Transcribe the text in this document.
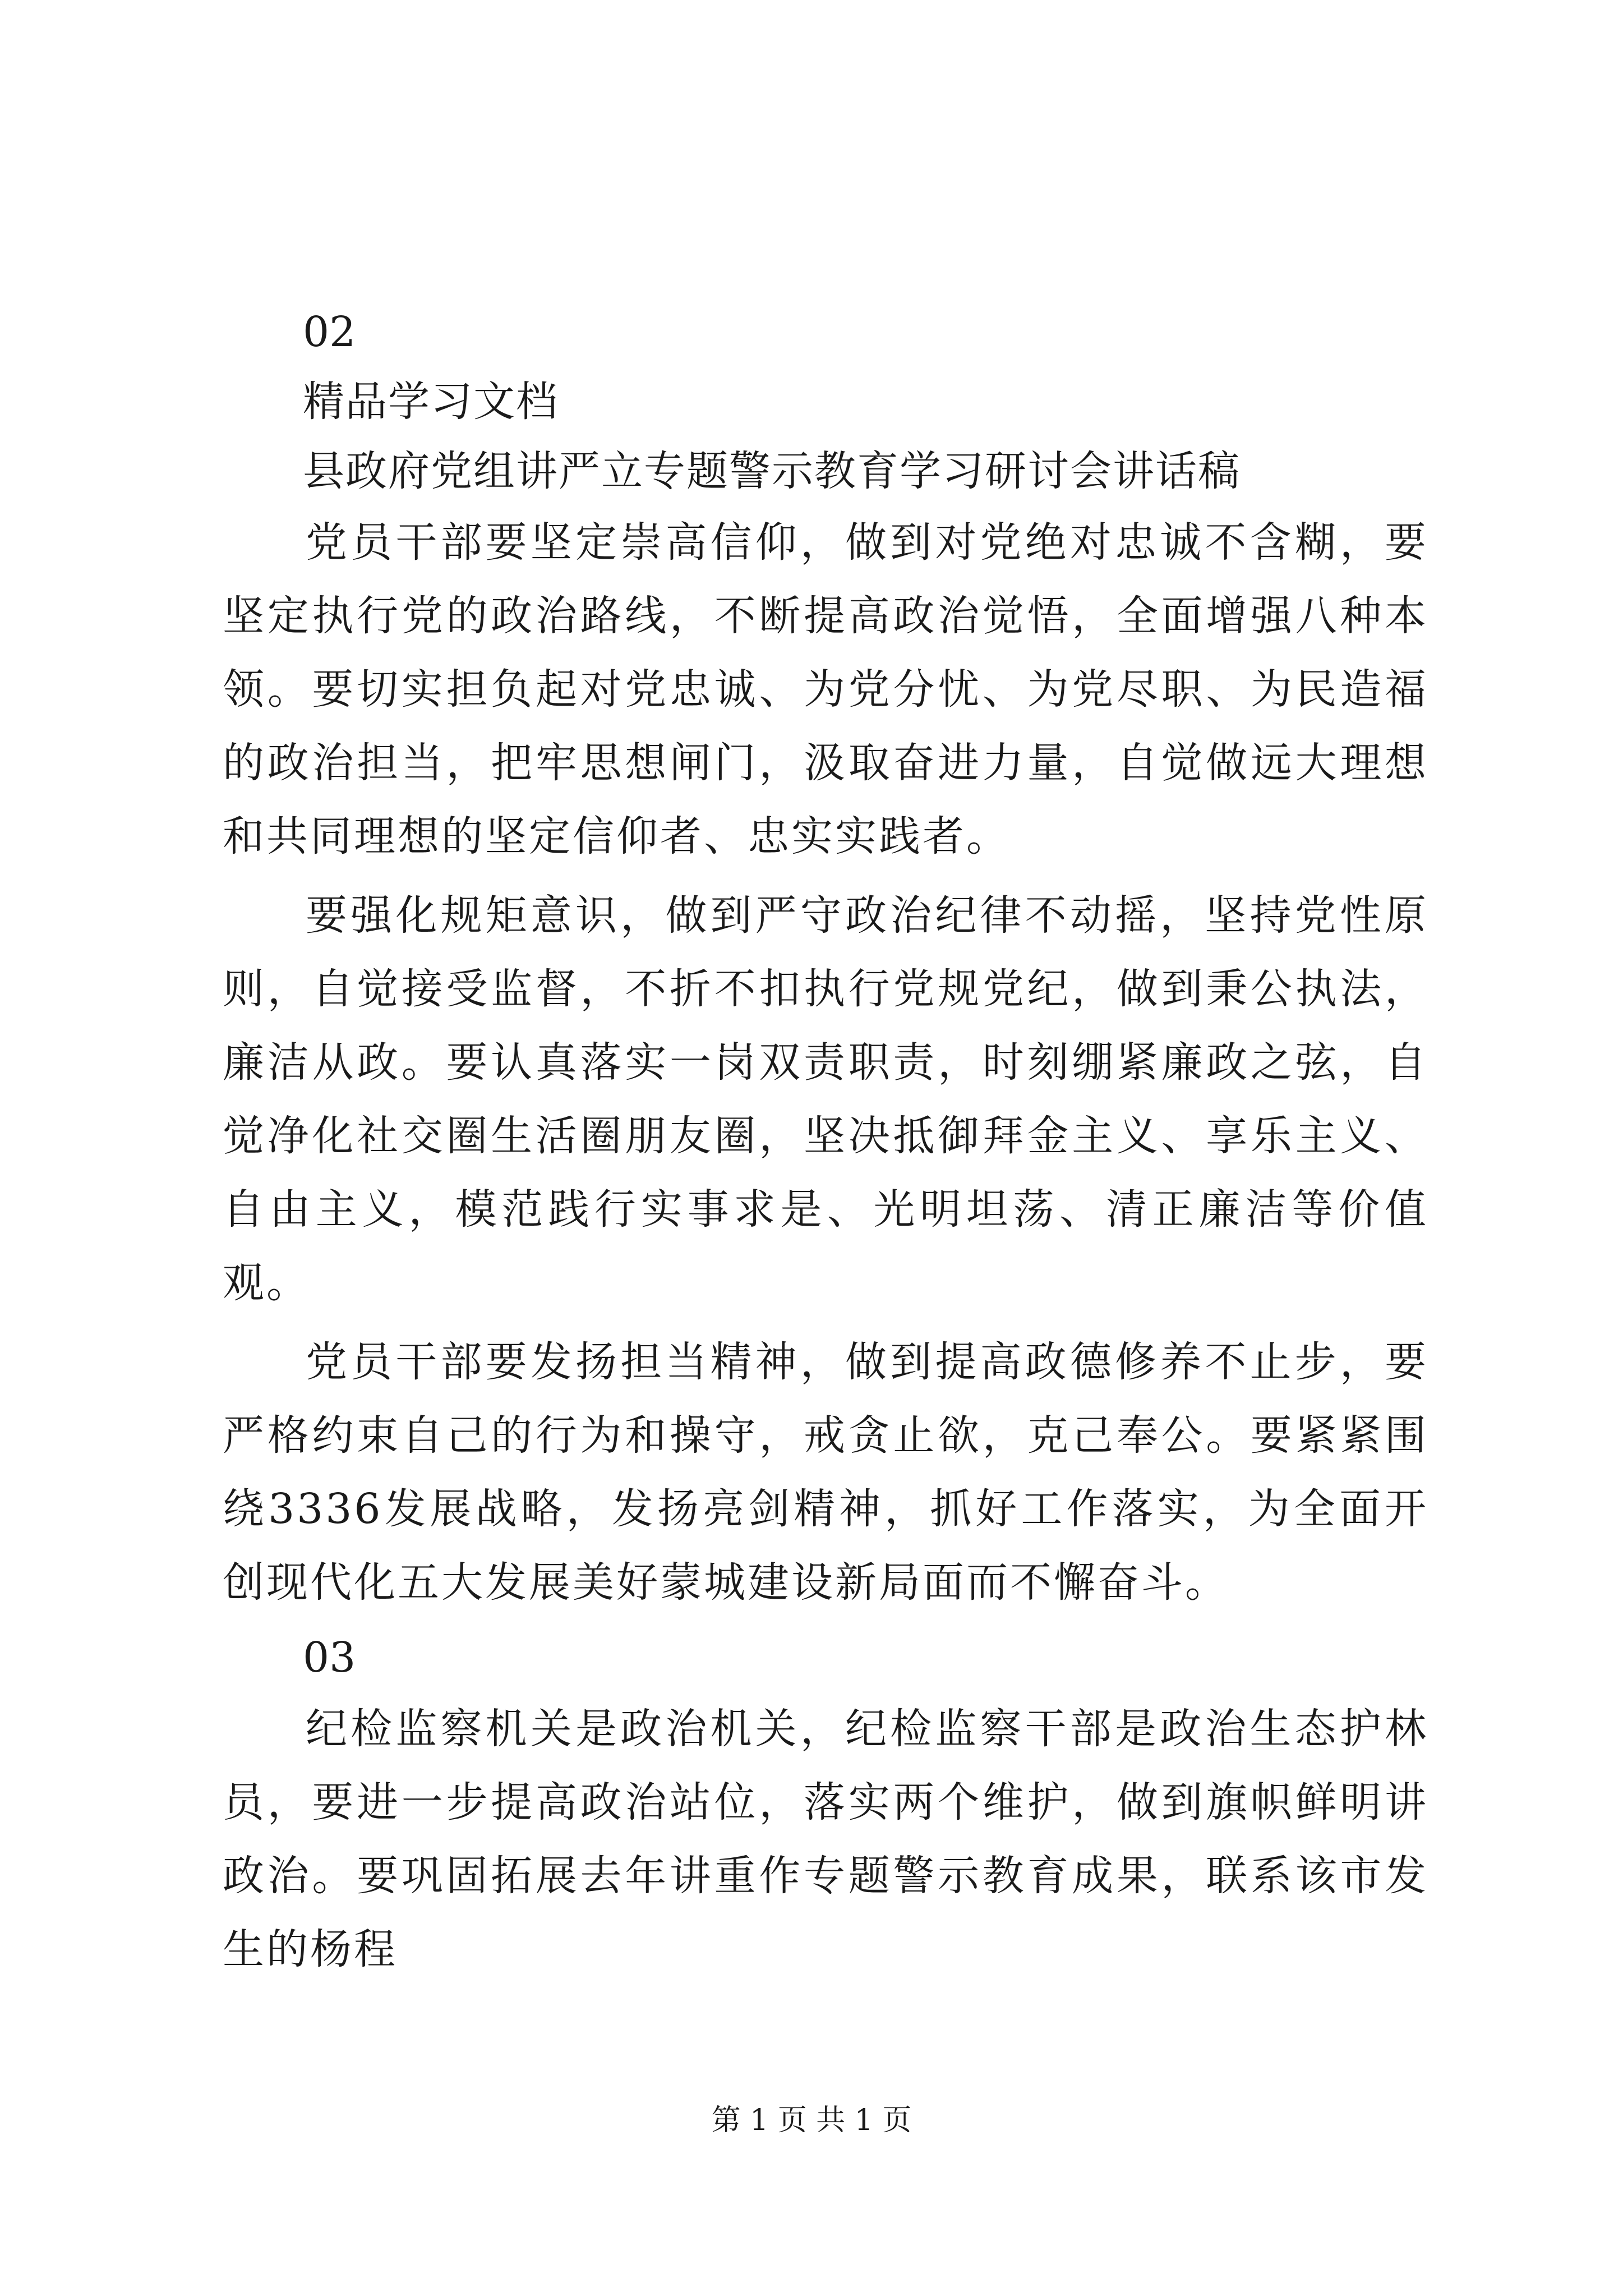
02

精品学习文档

县政府党组讲严立专题警示教育学习研讨会讲话稿

党员干部要坚定崇高信仰，做到对党绝对忠诚不含糊，要坚定执行党的政治路线，不断提高政治觉悟，全面增强八种本领。要切实担负起对党忠诚、为党分忧、为党尽职、为民造福的政治担当，把牢思想闸门，汲取奋进力量，自觉做远大理想和共同理想的坚定信仰者、忠实实践者。

要强化规矩意识，做到严守政治纪律不动摇，坚持党性原则，自觉接受监督，不折不扣执行党规党纪，做到秉公执法，廉洁从政。要认真落实一岗双责职责，时刻绷紧廉政之弦，自觉净化社交圈生活圈朋友圈，坚决抵御拜金主义、享乐主义、自由主义，模范践行实事求是、光明坦荡、清正廉洁等价值观。

党员干部要发扬担当精神，做到提高政德修养不止步，要严格约束自己的行为和操守，戒贪止欲，克己奉公。要紧紧围绕3336发展战略，发扬亮剑精神，抓好工作落实，为全面开创现代化五大发展美好蒙城建设新局面而不懈奋斗。

03

纪检监察机关是政治机关，纪检监察干部是政治生态护林员，要进一步提高政治站位，落实两个维护，做到旗帜鲜明讲政治。要巩固拓展去年讲重作专题警示教育成果，联系该市发生的杨程

第 1 页 共 1 页
